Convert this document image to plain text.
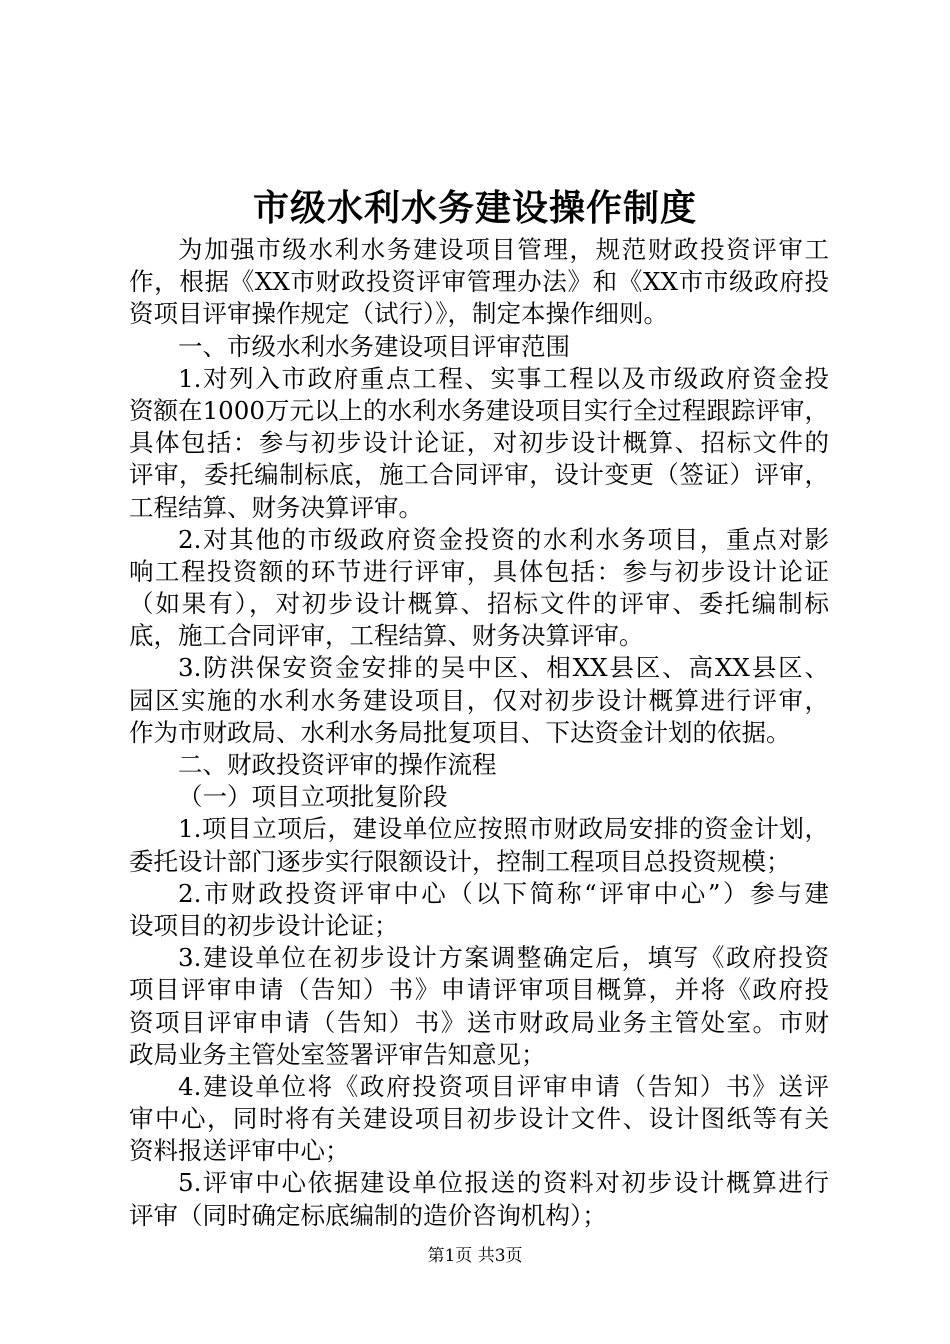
市级水利水务建设操作制度
为加强市级水利水务建设项目管理，规范财政投资评审工
作，根据《XX市财政投资评审管理办法》和《XX市市级政府投
资项目评审操作规定（试行）》，制定本操作细则。
一、市级水利水务建设项目评审范围
1.对列入市政府重点工程、实事工程以及市级政府资金投
资额在1000万元以上的水利水务建设项目实行全过程跟踪评审，
具体包括：参与初步设计论证，对初步设计概算、招标文件的
评审，委托编制标底，施工合同评审，设计变更（签证）评审，
工程结算、财务决算评审。
2.对其他的市级政府资金投资的水利水务项目，重点对影
响工程投资额的环节进行评审，具体包括：参与初步设计论证
（如果有），对初步设计概算、招标文件的评审、委托编制标
底，施工合同评审，工程结算、财务决算评审。
3.防洪保安资金安排的吴中区、相XX县区、高XX县区、
园区实施的水利水务建设项目，仅对初步设计概算进行评审，
作为市财政局、水利水务局批复项目、下达资金计划的依据。
二、财政投资评审的操作流程
（一）项目立项批复阶段
1.项目立项后，建设单位应按照市财政局安排的资金计划，
委托设计部门逐步实行限额设计，控制工程项目总投资规模；
2.市财政投资评审中心（以下简称“评审中心”）参与建
设项目的初步设计论证；
3.建设单位在初步设计方案调整确定后，填写《政府投资
项目评审申请（告知）书》申请评审项目概算，并将《政府投
资项目评审申请（告知）书》送市财政局业务主管处室。市财
政局业务主管处室签署评审告知意见；
4.建设单位将《政府投资项目评审申请（告知）书》送评
审中心，同时将有关建设项目初步设计文件、设计图纸等有关
资料报送评审中心；
5.评审中心依据建设单位报送的资料对初步设计概算进行
评审（同时确定标底编制的造价咨询机构）；
第1页 共3页
